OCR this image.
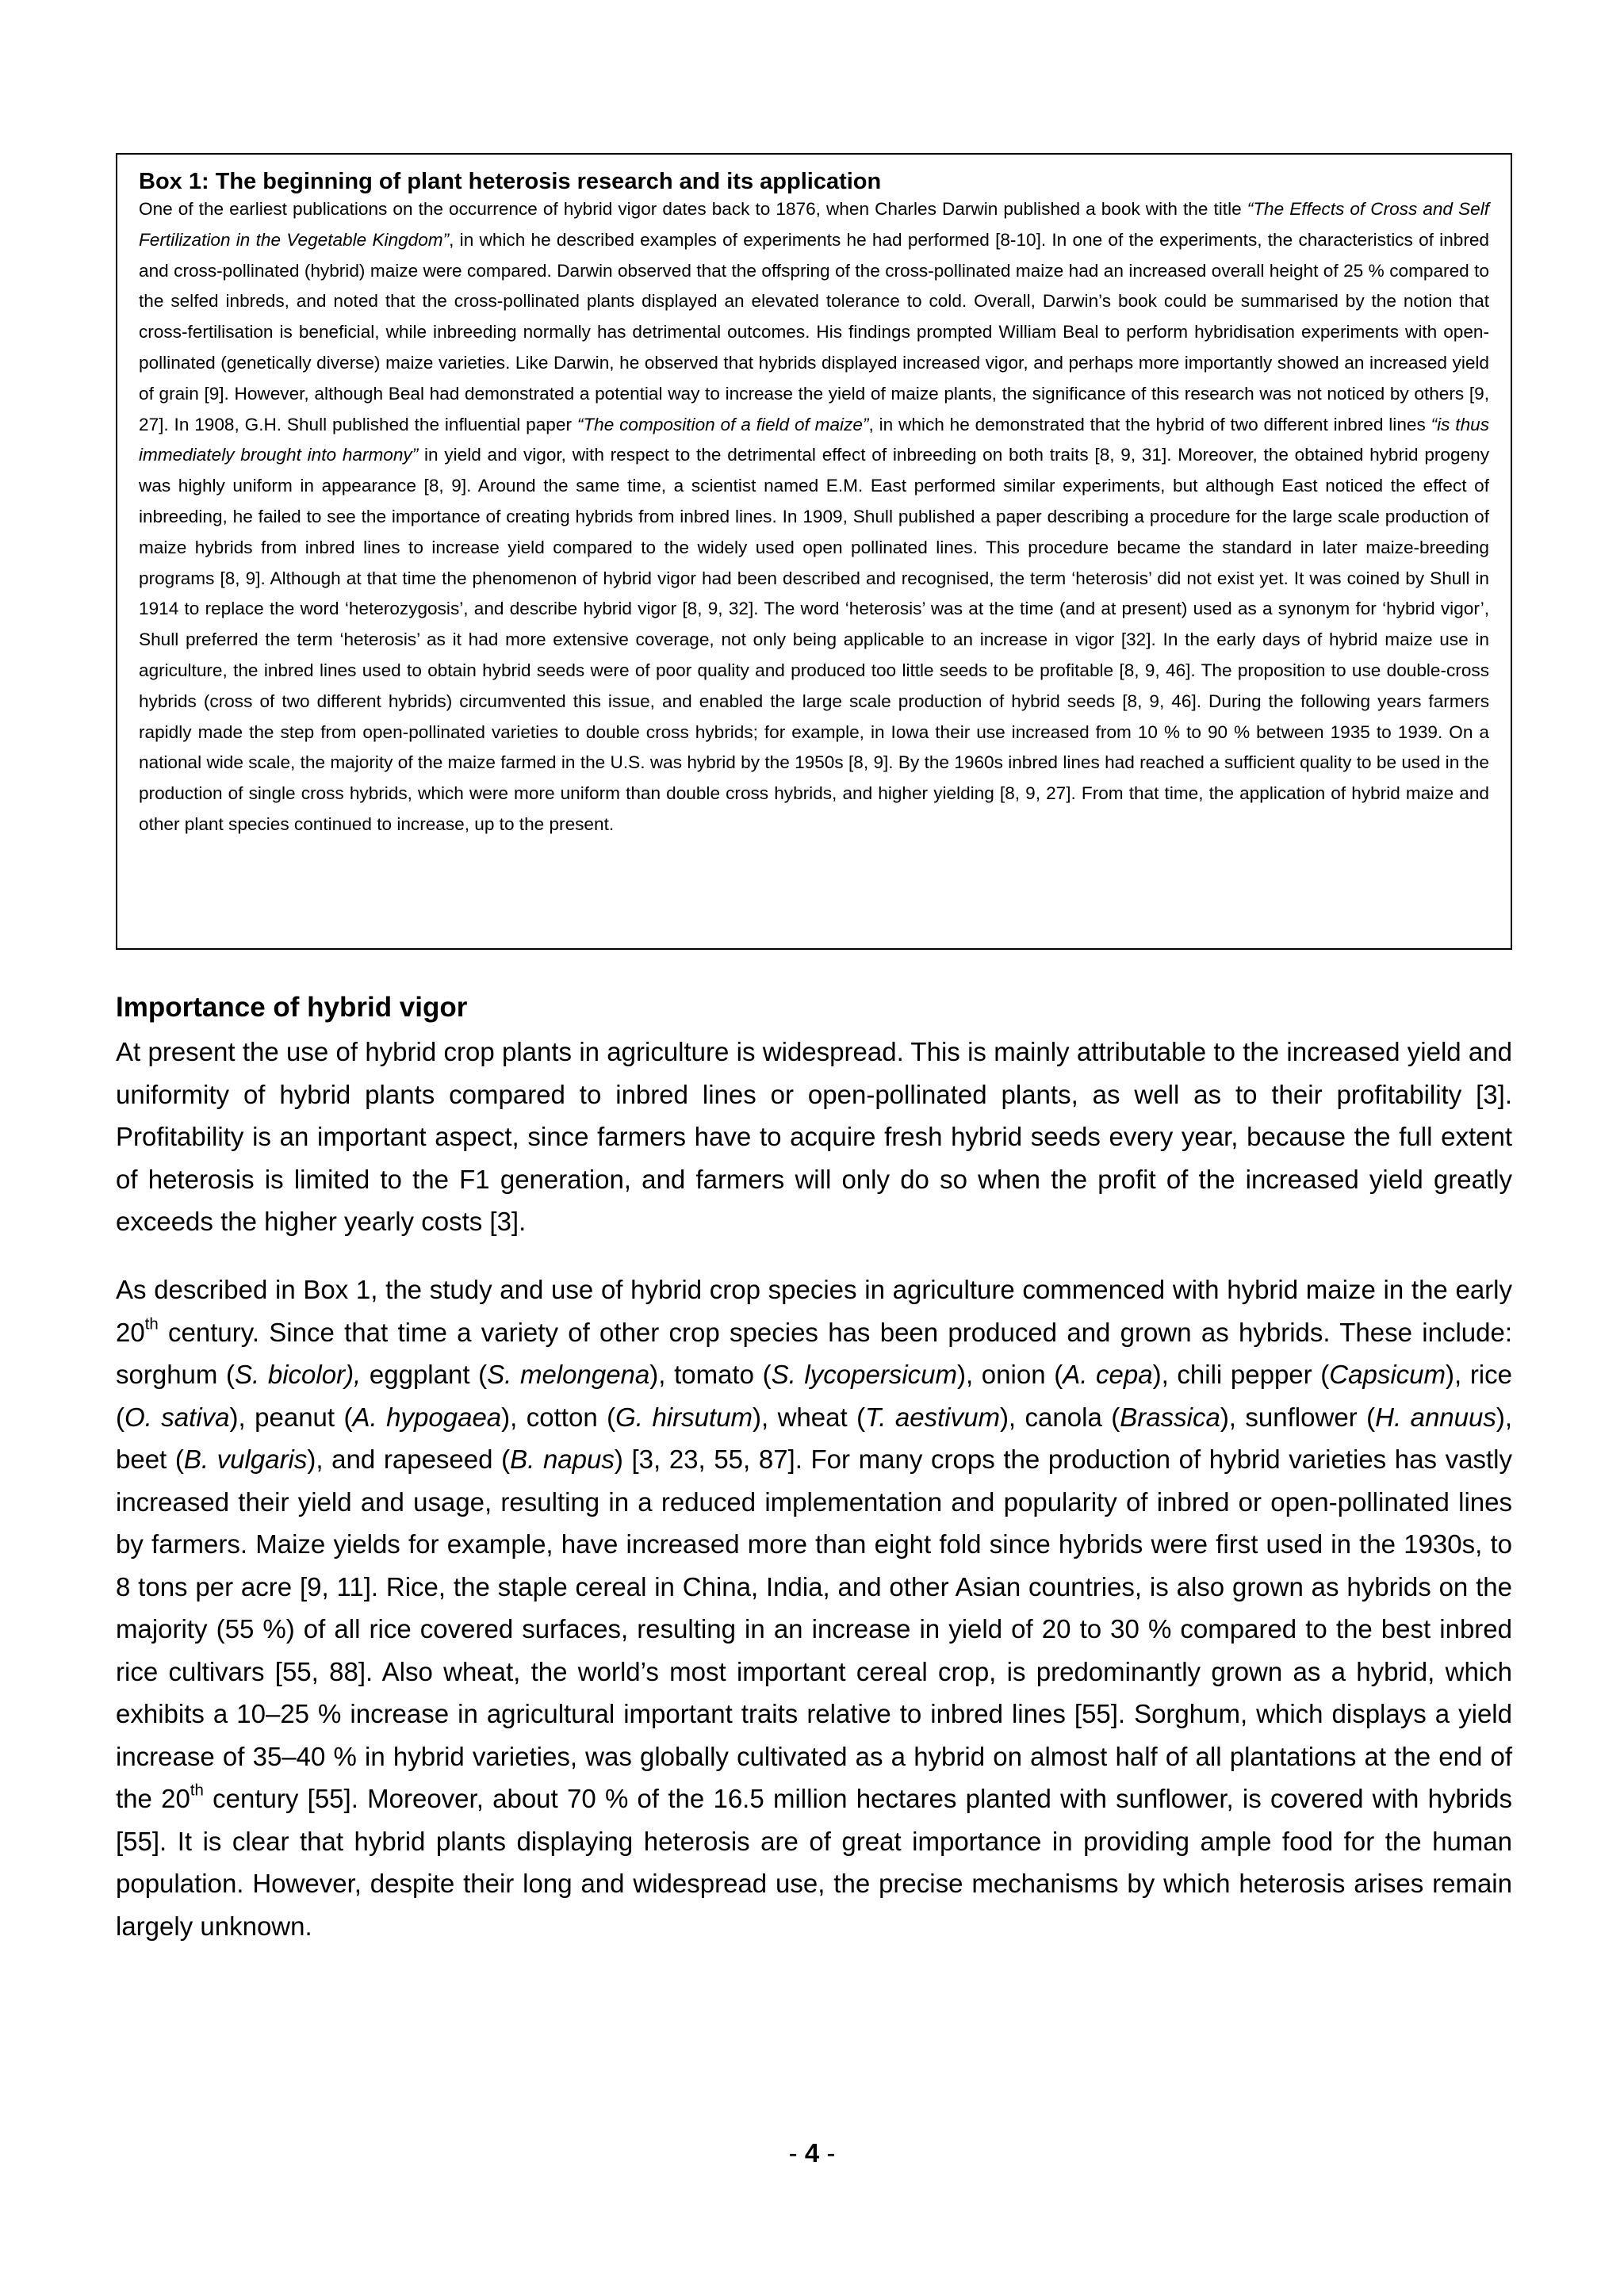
Box 1: The beginning of plant heterosis research and its application

One of the earliest publications on the occurrence of hybrid vigor dates back to 1876, when Charles Darwin published a book with the title “The Effects of Cross and Self Fertilization in the Vegetable Kingdom”, in which he described examples of experiments he had performed [8-10]. In one of the experiments, the characteristics of inbred and cross-pollinated (hybrid) maize were compared. Darwin observed that the offspring of the cross-pollinated maize had an increased overall height of 25 % compared to the selfed inbreds, and noted that the cross-pollinated plants displayed an elevated tolerance to cold. Overall, Darwin’s book could be summarised by the notion that cross-fertilisation is beneficial, while inbreeding normally has detrimental outcomes. His findings prompted William Beal to perform hybridisation experiments with open-pollinated (genetically diverse) maize varieties. Like Darwin, he observed that hybrids displayed increased vigor, and perhaps more importantly showed an increased yield of grain [9]. However, although Beal had demonstrated a potential way to increase the yield of maize plants, the significance of this research was not noticed by others [9, 27]. In 1908, G.H. Shull published the influential paper “The composition of a field of maize”, in which he demonstrated that the hybrid of two different inbred lines “is thus immediately brought into harmony” in yield and vigor, with respect to the detrimental effect of inbreeding on both traits [8, 9, 31]. Moreover, the obtained hybrid progeny was highly uniform in appearance [8, 9]. Around the same time, a scientist named E.M. East performed similar experiments, but although East noticed the effect of inbreeding, he failed to see the importance of creating hybrids from inbred lines. In 1909, Shull published a paper describing a procedure for the large scale production of maize hybrids from inbred lines to increase yield compared to the widely used open pollinated lines. This procedure became the standard in later maize-breeding programs [8, 9]. Although at that time the phenomenon of hybrid vigor had been described and recognised, the term ‘heterosis’ did not exist yet. It was coined by Shull in 1914 to replace the word ‘heterozygosis’, and describe hybrid vigor [8, 9, 32]. The word ‘heterosis’ was at the time (and at present) used as a synonym for ‘hybrid vigor’, Shull preferred the term ‘heterosis’ as it had more extensive coverage, not only being applicable to an increase in vigor [32]. In the early days of hybrid maize use in agriculture, the inbred lines used to obtain hybrid seeds were of poor quality and produced too little seeds to be profitable [8, 9, 46]. The proposition to use double-cross hybrids (cross of two different hybrids) circumvented this issue, and enabled the large scale production of hybrid seeds [8, 9, 46]. During the following years farmers rapidly made the step from open-pollinated varieties to double cross hybrids; for example, in Iowa their use increased from 10 % to 90 % between 1935 to 1939. On a national wide scale, the majority of the maize farmed in the U.S. was hybrid by the 1950s [8, 9]. By the 1960s inbred lines had reached a sufficient quality to be used in the production of single cross hybrids, which were more uniform than double cross hybrids, and higher yielding [8, 9, 27]. From that time, the application of hybrid maize and other plant species continued to increase, up to the present.

Importance of hybrid vigor

At present the use of hybrid crop plants in agriculture is widespread. This is mainly attributable to the increased yield and uniformity of hybrid plants compared to inbred lines or open-pollinated plants, as well as to their profitability [3]. Profitability is an important aspect, since farmers have to acquire fresh hybrid seeds every year, because the full extent of heterosis is limited to the F1 generation, and farmers will only do so when the profit of the increased yield greatly exceeds the higher yearly costs [3].

As described in Box 1, the study and use of hybrid crop species in agriculture commenced with hybrid maize in the early 20th century. Since that time a variety of other crop species has been produced and grown as hybrids. These include: sorghum (S. bicolor), eggplant (S. melongena), tomato (S. lycopersicum), onion (A. cepa), chili pepper (Capsicum), rice (O. sativa), peanut (A. hypogaea), cotton (G. hirsutum), wheat (T. aestivum), canola (Brassica), sunflower (H. annuus), beet (B. vulgaris), and rapeseed (B. napus) [3, 23, 55, 87]. For many crops the production of hybrid varieties has vastly increased their yield and usage, resulting in a reduced implementation and popularity of inbred or open-pollinated lines by farmers. Maize yields for example, have increased more than eight fold since hybrids were first used in the 1930s, to 8 tons per acre [9, 11]. Rice, the staple cereal in China, India, and other Asian countries, is also grown as hybrids on the majority (55 %) of all rice covered surfaces, resulting in an increase in yield of 20 to 30 % compared to the best inbred rice cultivars [55, 88]. Also wheat, the world’s most important cereal crop, is predominantly grown as a hybrid, which exhibits a 10–25 % increase in agricultural important traits relative to inbred lines [55]. Sorghum, which displays a yield increase of 35–40 % in hybrid varieties, was globally cultivated as a hybrid on almost half of all plantations at the end of the 20th century [55]. Moreover, about 70 % of the 16.5 million hectares planted with sunflower, is covered with hybrids [55]. It is clear that hybrid plants displaying heterosis are of great importance in providing ample food for the human population. However, despite their long and widespread use, the precise mechanisms by which heterosis arises remain largely unknown.

- 4 -
